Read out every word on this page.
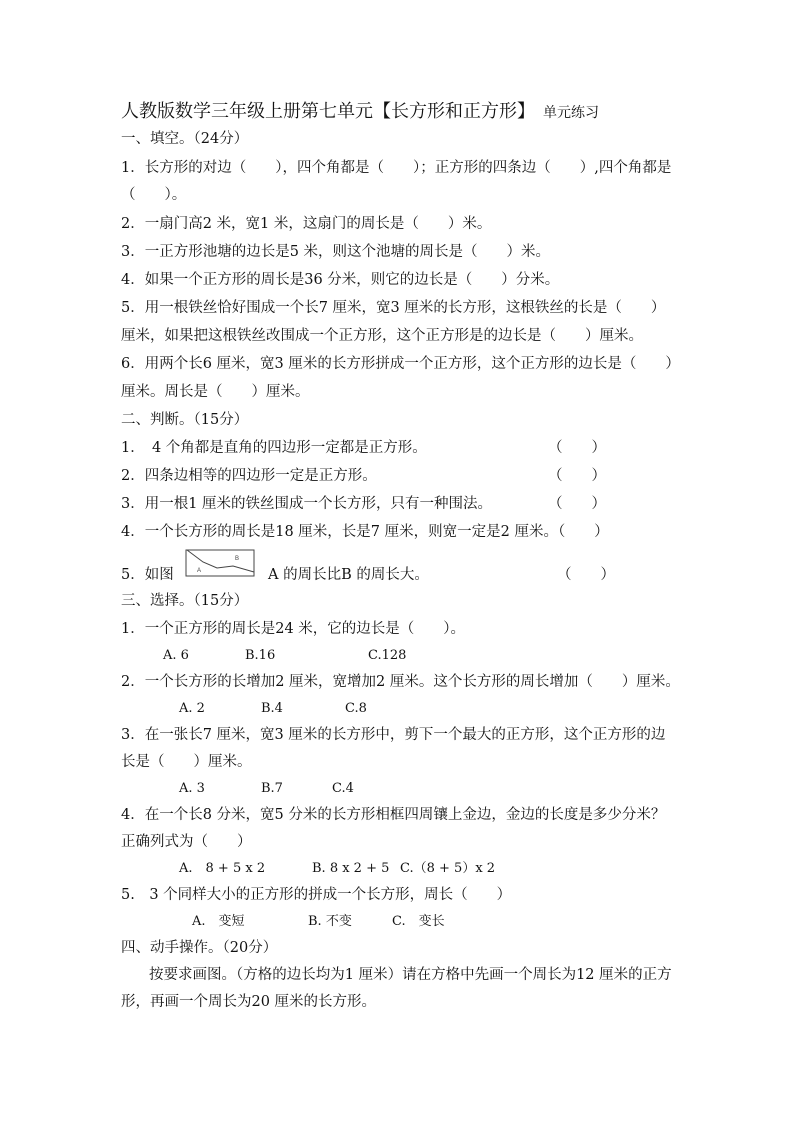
人教版数学三年级上册第七单元【长方形和正方形】 单元练习
一、填空。（24分）
1．长方形的对边（　　），四个角都是（　　）；正方形的四条边（　　）,四个角都是
（　　）。
2．一扇门高2 米，宽1 米，这扇门的周长是（　　）米。
3．一正方形池塘的边长是5 米，则这个池塘的周长是（　　）米。
4．如果一个正方形的周长是36 分米，则它的边长是（　　）分米。
5．用一根铁丝恰好围成一个长7 厘米，宽3 厘米的长方形，这根铁丝的长是（　　）
厘米，如果把这根铁丝改围成一个正方形，这个正方形是的边长是（　　）厘米。
6．用两个长6 厘米，宽3 厘米的长方形拼成一个正方形，这个正方形的边长是（　　）
厘米。周长是（　　）厘米。
二、判断。（15分）
1．　4 个角都是直角的四边形一定都是正方形。	（　　）
2．四条边相等的四边形一定是正方形。	（　　）
3．用一根1 厘米的铁丝围成一个长方形，只有一种围法。	（　　）
4．一个长方形的周长是18 厘米，长是7 厘米，则宽一定是2 厘米。（　　）
5．如图	A
B
A 的周长比B 的周长大。	（　　）
三、选择。（15分）
1．一个正方形的周长是24 米，它的边长是（　　）。
A. 6	B.16	C.128
2．一个长方形的长增加2 厘米，宽增加2 厘米。这个长方形的周长增加（　　）厘米。
A. 2	B.4	C.8
3．在一张长7 厘米，宽3 厘米的长方形中，剪下一个最大的正方形，这个正方形的边
长是（　　）厘米。
A. 3	B.7	C.4
4．在一个长8 分米，宽5 分米的长方形相框四周镶上金边，金边的长度是多少分米？
正确列式为（　　）
A.　8 + 5 x 2	B. 8 x 2 + 5 C.（8 + 5）x 2
5.　3 个同样大小的正方形的拼成一个长方形，周长（　　）
A.　变短	B. 不变	C.　变长
四、动手操作。（20分）
按要求画图。（方格的边长均为1 厘米）请在方格中先画一个周长为12 厘米的正方
形，再画一个周长为20 厘米的长方形。
